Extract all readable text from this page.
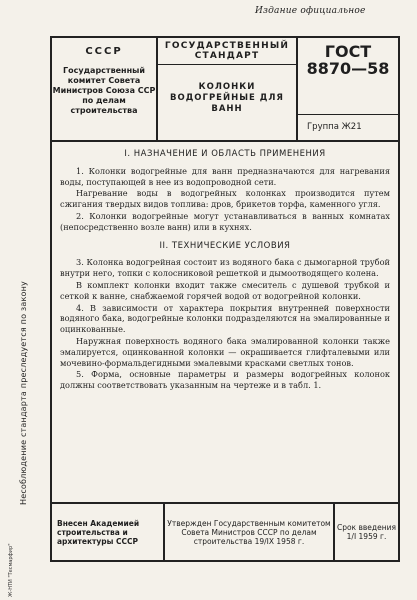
Издание официальное
Несоблюдение стандарта преследуется по закону
Ж-НТИ "Тесмарфир"
СССР
Государственный комитет Совета Министров Союза ССР по делам строительства
ГОСУДАРСТВЕННЫЙ СТАНДАРТ
КОЛОНКИ ВОДОГРЕЙНЫЕ ДЛЯ ВАНН
ГОСТ
8870—58
Группа Ж21
I. НАЗНАЧЕНИЕ И ОБЛАСТЬ ПРИМЕНЕНИЯ

1. Колонки водогрейные для ванн предназначаются для нагревания воды, поступающей в нее из водопроводной сети.

Нагревание воды в водогрейных колонках производится путем сжигания твердых видов топлива: дров, брикетов торфа, каменного угля.

2. Колонки водогрейные могут устанавливаться в ванных комнатах (непосредственно возле ванн) или в кухнях.

II. ТЕХНИЧЕСКИЕ УСЛОВИЯ

3. Колонка водогрейная состоит из водяного бака с дымогарной трубой внутри него, топки с колосниковой решеткой и дымоотводящего колена.

В комплект колонки входит также смеситель с душевой трубкой и сеткой к ванне, снабжаемой горячей водой от водогрейной колонки.

4. В зависимости от характера покрытия внутренней поверхности водяного бака, водогрейные колонки подразделяются на эмалированные и оцинкованные.

Наружная поверхность водяного бака эмалированной колонки также эмалируется, оцинкованной колонки — окрашивается глифталевыми или мочевино-формальдегидными эмалевыми красками светлых тонов.

5. Форма, основные параметры и размеры водогрейных колонок должны соответствовать указанным на чертеже и в табл. 1.

Внесен Академией строительства и архитектуры СССР
Утвержден Государственным комитетом Совета Министров СССР по делам строительства 19/IX 1958 г.
Срок введения 1/I 1959 г.
